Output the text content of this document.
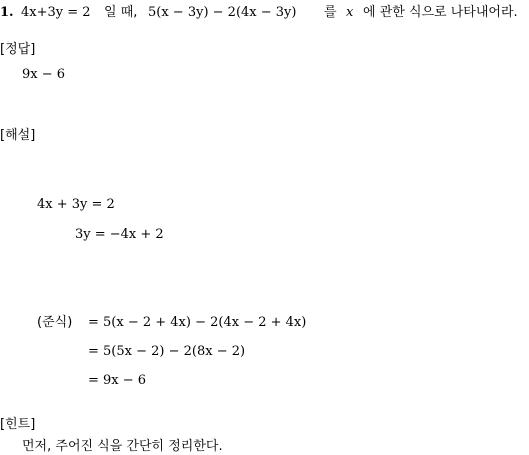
1. 4x+3y = 2 일 때, 5(x − 3y) − 2(4x − 3y) 를 x 에 관한 식으로 나타내어라.
[정답]
9x − 6
[해설]
4x + 3y = 2
3y = −4x + 2
(준식) = 5(x − 2 + 4x) − 2(4x − 2 + 4x)
= 5(5x − 2) − 2(8x − 2)
= 9x − 6
[힌트]
먼저, 주어진 식을 간단히 정리한다.
